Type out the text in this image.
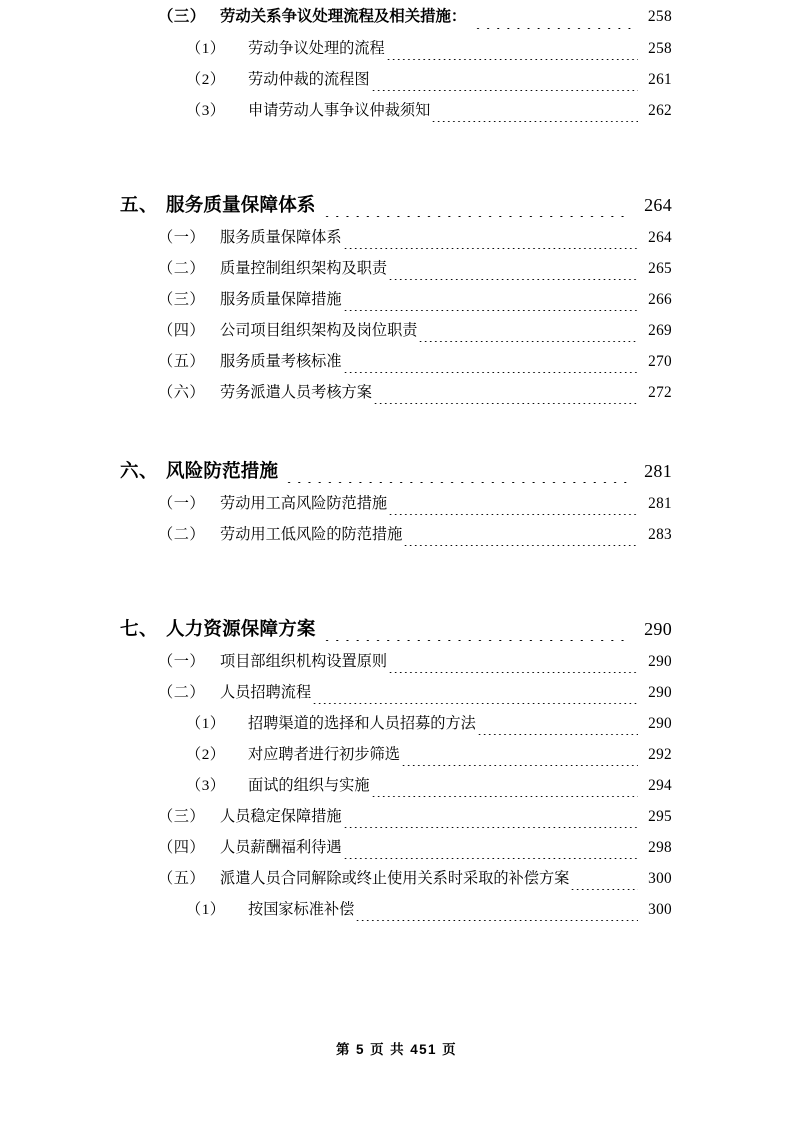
（三） 劳动关系争议处理流程及相关措施：	258
（1）	劳动争议处理的流程	258
（2）	劳动仲裁的流程图	261
（3）	申请劳动人事争议仲裁须知	262
五、 服务质量保障体系	264
（一） 服务质量保障体系	264
（二） 质量控制组织架构及职责	265
（三） 服务质量保障措施	266
（四） 公司项目组织架构及岗位职责	269
（五） 服务质量考核标准	270
（六） 劳务派遣人员考核方案	272
六、 风险防范措施	281
（一） 劳动用工高风险防范措施	281
（二） 劳动用工低风险的防范措施	283
七、 人力资源保障方案	290
（一） 项目部组织机构设置原则	290
（二） 人员招聘流程	290
（1）	招聘渠道的选择和人员招募的方法	290
（2）	对应聘者进行初步筛选	292
（3）	面试的组织与实施	294
（三） 人员稳定保障措施	295
（四） 人员薪酬福利待遇	298
（五） 派遣人员合同解除或终止使用关系时采取的补偿方案	300
（1）	按国家标准补偿	300
第 5 页 共 451 页
